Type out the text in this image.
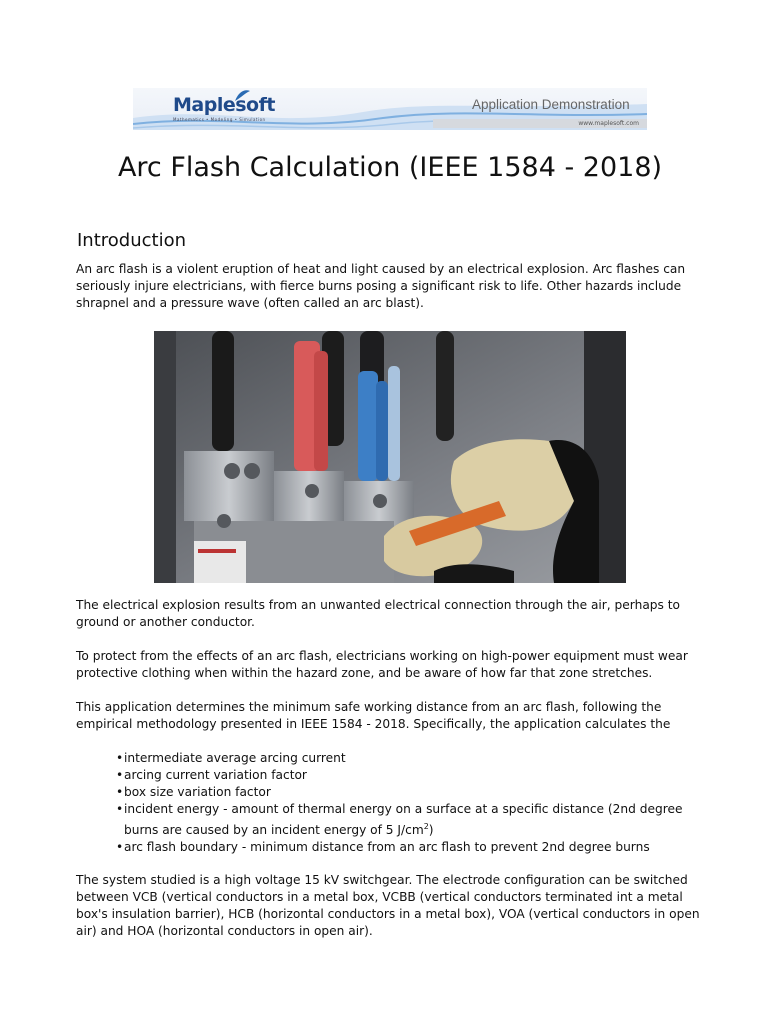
Maplesoft
Mathematics • Modeling • Simulation
Application Demonstration
www.maplesoft.com
Arc Flash Calculation (IEEE 1584 - 2018)
Introduction

An arc flash is a violent eruption of heat and light caused by an electrical explosion. Arc flashes can seriously injure electricians, with fierce burns posing a significant risk to life. Other hazards include shrapnel and a pressure wave (often called an arc blast).

The electrical explosion results from an unwanted electrical connection through the air, perhaps to ground or another conductor.

To protect from the effects of an arc flash, electricians working on high-power equipment must wear protective clothing when within the hazard zone, and be aware of how far that zone stretches.

This application determines the minimum safe working distance from an arc flash, following the empirical methodology presented in IEEE 1584 - 2018. Specifically, the application calculates the

• intermediate average arcing current
• arcing current variation factor
• box size variation factor
• incident energy - amount of thermal energy on a surface at a specific distance (2nd degree
burns are caused by an incident energy of 5 $J/cm^2$)
• arc flash boundary - minimum distance from an arc flash to prevent 2nd degree burns

The system studied is a high voltage 15 kV switchgear. The electrode configuration can be switched between VCB (vertical conductors in a metal box, VCBB (vertical conductors terminated int a metal box's insulation barrier), HCB (horizontal conductors in a metal box), VOA (vertical conductors in open air) and HOA (horizontal conductors in open air).
